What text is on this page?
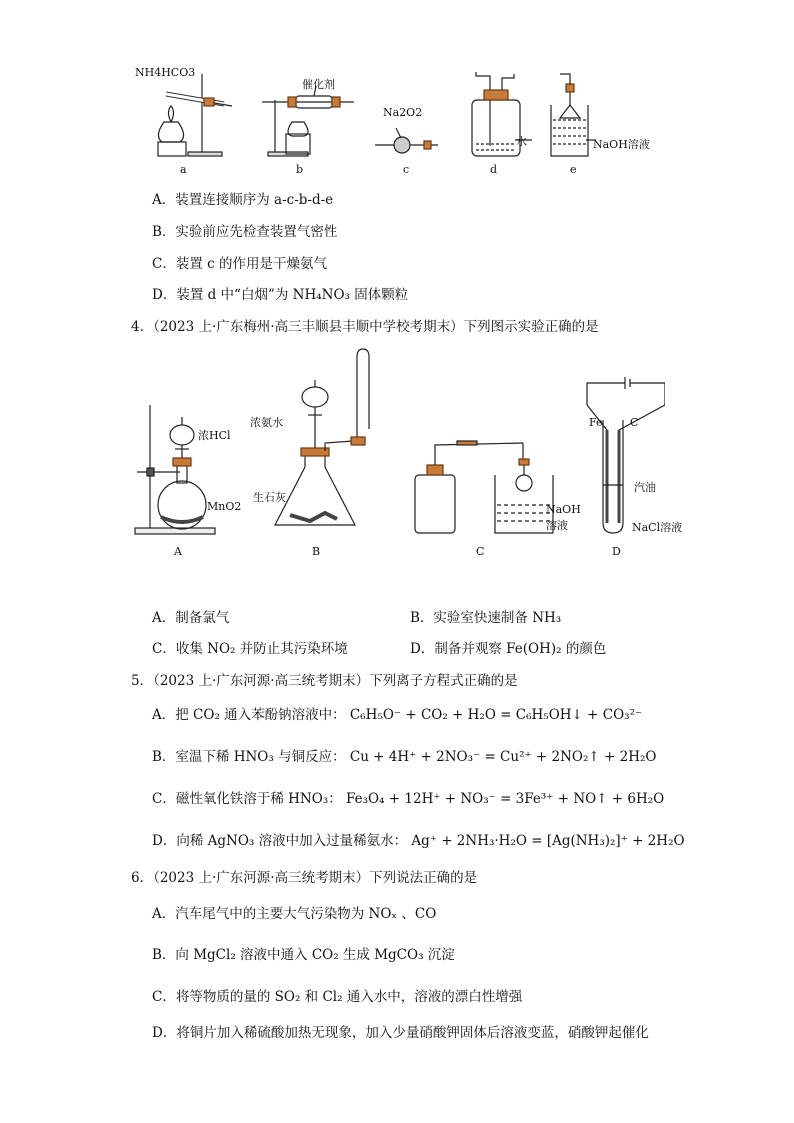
NH4HCO3
催化剂
Na2O2
水	NaOH溶液
a	b	c	d	e
A．装置连接顺序为 a-c-b-d-e
B．实验前应先检查装置气密性
C．装置 c 的作用是干燥氨气
D．装置 d 中“白烟”为 NH₄NO₃ 固体颗粒
4．（2023 上·广东梅州·高三丰顺县丰顺中学校考期末）下列图示实验正确的是
浓HCl
MnO2
浓氨水
生石灰
NaOH
溶液
Fe C
汽油
NaCl溶液
A	B	C	D
A．制备氯气	B．实验室快速制备 NH₃
C．收集 NO₂ 并防止其污染环境	D．制备并观察 Fe(OH)₂ 的颜色
5．（2023 上·广东河源·高三统考期末）下列离子方程式正确的是
A．把 CO₂ 通入苯酚钠溶液中： C₆H₅O⁻ + CO₂ + H₂O = C₆H₅OH↓ + CO₃²⁻
B．室温下稀 HNO₃ 与铜反应： Cu + 4H⁺ + 2NO₃⁻ = Cu²⁺ + 2NO₂↑ + 2H₂O
C．磁性氧化铁溶于稀 HNO₃： Fe₃O₄ + 12H⁺ + NO₃⁻ = 3Fe³⁺ + NO↑ + 6H₂O
D．向稀 AgNO₃ 溶液中加入过量稀氨水： Ag⁺ + 2NH₃·H₂O = [Ag(NH₃)₂]⁺ + 2H₂O
6．（2023 上·广东河源·高三统考期末）下列说法正确的是
A．汽车尾气中的主要大气污染物为 NOₓ 、CO
B．向 MgCl₂ 溶液中通入 CO₂ 生成 MgCO₃ 沉淀
C．将等物质的量的 SO₂ 和 Cl₂ 通入水中，溶液的漂白性增强
D．将铜片加入稀硫酸加热无现象，加入少量硝酸钾固体后溶液变蓝，硝酸钾起催化
